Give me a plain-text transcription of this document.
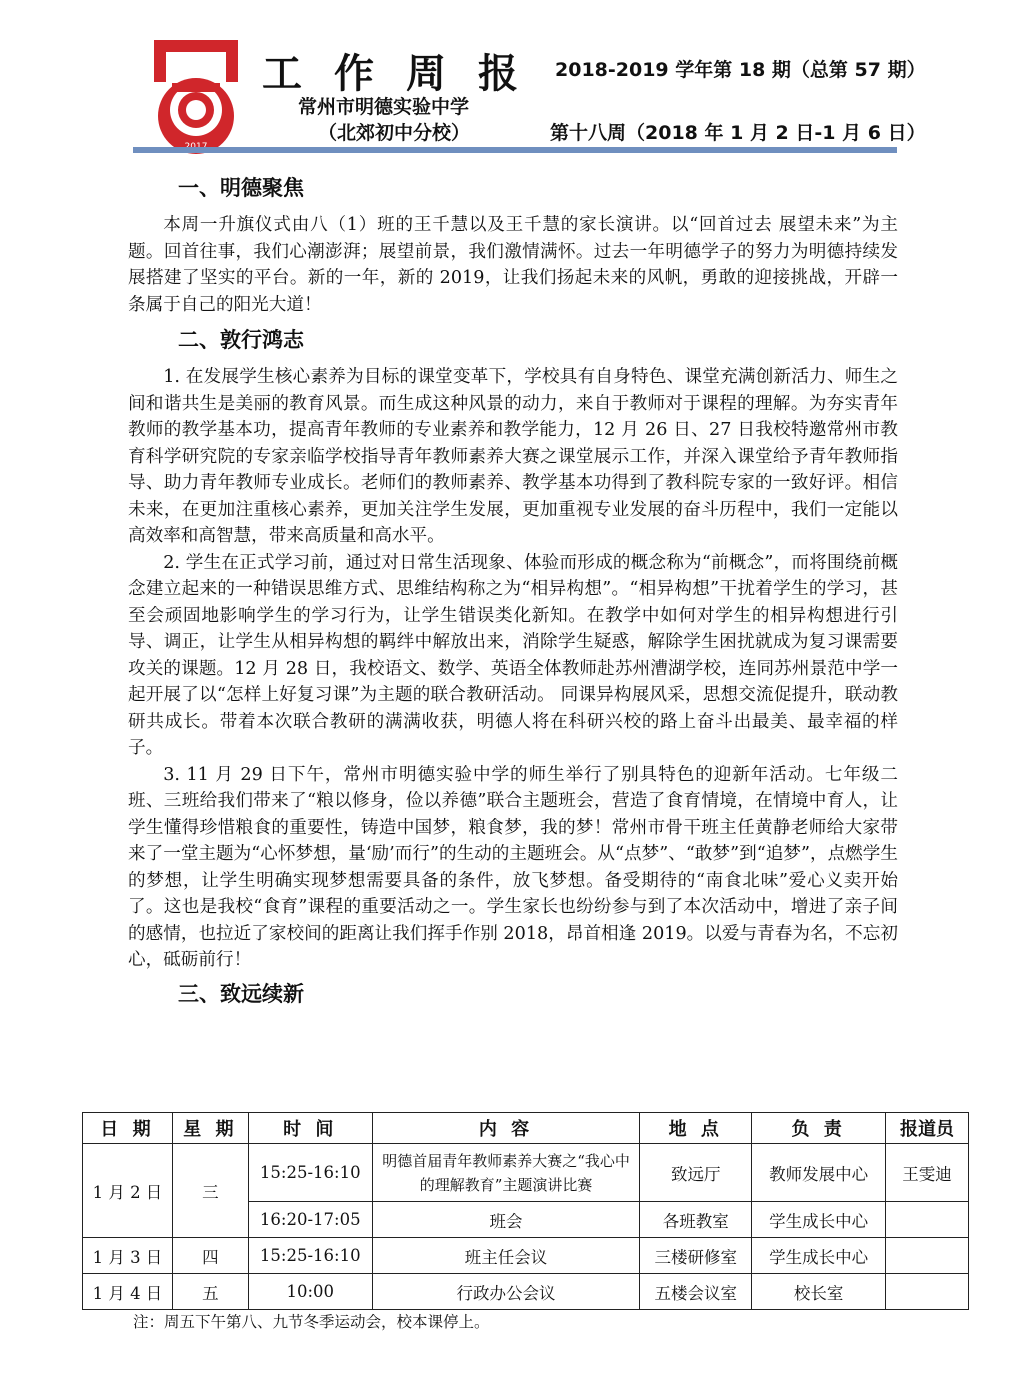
工作周报 2018-2019 学年第 18 期（总第 57 期）
常州市明德实验中学
（北郊初中分校）	第十八周（2018 年 1 月 2 日-1 月 6 日）
一、明德聚焦

本周一升旗仪式由八（1）班的王千慧以及王千慧的家长演讲。以“回首过去 展望未来”为主题。回首往事，我们心潮澎湃；展望前景，我们激情满怀。过去一年明德学子的努力为明德持续发展搭建了坚实的平台。新的一年，新的 2019，让我们扬起未来的风帆，勇敢的迎接挑战，开辟一条属于自己的阳光大道！

二、敦行鸿志

1. 在发展学生核心素养为目标的课堂变革下，学校具有自身特色、课堂充满创新活力、师生之间和谐共生是美丽的教育风景。而生成这种风景的动力，来自于教师对于课程的理解。为夯实青年教师的教学基本功，提高青年教师的专业素养和教学能力，12 月 26 日、27 日我校特邀常州市教育科学研究院的专家亲临学校指导青年教师素养大赛之课堂展示工作，并深入课堂给予青年教师指导、助力青年教师专业成长。老师们的教师素养、教学基本功得到了教科院专家的一致好评。相信未来，在更加注重核心素养，更加关注学生发展，更加重视专业发展的奋斗历程中，我们一定能以高效率和高智慧，带来高质量和高水平。

2. 学生在正式学习前，通过对日常生活现象、体验而形成的概念称为“前概念”，而将围绕前概念建立起来的一种错误思维方式、思维结构称之为“相异构想”。“相异构想”干扰着学生的学习，甚至会顽固地影响学生的学习行为，让学生错误类化新知。在教学中如何对学生的相异构想进行引导、调正，让学生从相异构想的羁绊中解放出来，消除学生疑惑，解除学生困扰就成为复习课需要攻关的课题。12 月 28 日，我校语文、数学、英语全体教师赴苏州漕湖学校，连同苏州景范中学一起开展了以“怎样上好复习课”为主题的联合教研活动。 同课异构展风采，思想交流促提升，联动教研共成长。带着本次联合教研的满满收获，明德人将在科研兴校的路上奋斗出最美、最幸福的样子。

3. 11 月 29 日下午，常州市明德实验中学的师生举行了别具特色的迎新年活动。七年级二班、三班给我们带来了“粮以修身，俭以养德”联合主题班会，营造了食育情境，在情境中育人，让学生懂得珍惜粮食的重要性，铸造中国梦，粮食梦，我的梦！常州市骨干班主任黄静老师给大家带来了一堂主题为“心怀梦想，量‘励’而行”的生动的主题班会。从“点梦”、“敢梦”到“追梦”，点燃学生的梦想，让学生明确实现梦想需要具备的条件，放飞梦想。备受期待的“南食北味”爱心义卖开始了。这也是我校“食育”课程的重要活动之一。学生家长也纷纷参与到了本次活动中，增进了亲子间的感情，也拉近了家校间的距离让我们挥手作别 2018，昂首相逢 2019。以爱与青春为名，不忘初心，砥砺前行！

三、致远续新
日 期	星 期	时 间	内 容	地 点	负 责	报道员
1 月 2 日	三	15:25-16:10	明德首届青年教师素养大赛之“我心中的理解教育”主题演讲比赛	致远厅	教师发展中心	王雯迪
		16:20-17:05	班会	各班教室	学生成长中心	
1 月 3 日	四	15:25-16:10	班主任会议	三楼研修室	学生成长中心	
1 月 4 日	五	10:00	行政办公会议	五楼会议室	校长室	
注：周五下午第八、九节冬季运动会，校本课停上。
